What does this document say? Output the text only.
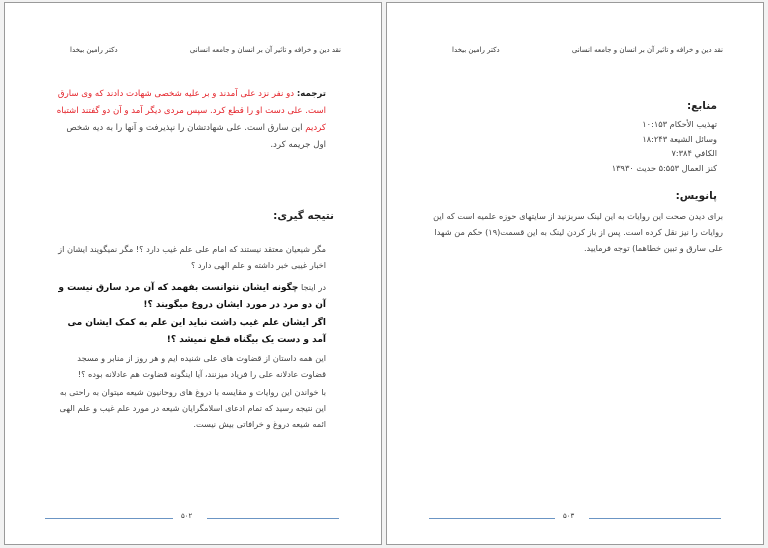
نقد دین و خرافه و تاثیر آن بر انسان و جامعه انسانی
دکتر رامین بیخدا
ترجمه: دو نفر نزد علی آمدند و بر علیه شخصی شهادت دادند که وی سارق است. علی دست او را قطع کرد. سپس مردی دیگر آمد و آن دو گفتند اشتباه کردیم این سارق است. علی شهادتشان را نپذیرفت و آنها را به دیه شخص اول جریمه کرد.
نتیجه گیری:
مگر شیعیان معتقد نیستند که امام علی علم غیب دارد ؟! مگر نمیگویند ایشان از اخبار غیبی خبر داشته و علم الهی دارد ؟
در اینجا چگونه ایشان نتوانست بفهمد که آن مرد سارق نیست و آن دو مرد در مورد ایشان دروغ میگویند ؟!
اگر ایشان علم غیب داشت نباید این علم به کمک ایشان می آمد و دست یک بیگناه قطع نمیشد ؟!
این همه داستان از قضاوت های علی شنیده ایم و هر روز از منابر و مسجد قضاوت عادلانه علی را فریاد میزنند، آیا اینگونه قضاوت هم عادلانه بوده ؟!
با خواندن این روایات و مقایسه با دروغ های روحانیون شیعه میتوان به راحتی به این نتیجه رسید که تمام ادعای اسلامگرایان شیعه در مورد علم غیب و علم الهی ائمه شیعه دروغ و خرافاتی بیش نیست.
۵۰۲
نقد دین و خرافه و تاثیر آن بر انسان و جامعه انسانی
دکتر رامین بیخدا
منابع:
تهذيب الأحكام ۱۰:۱۵۳
وسائل الشيعة ۱۸:۲۴۳
الكافي ۷:۳۸۴
كنز العمال ۵:۵۵۳ حدیث ۱۳۹۳۰
پانویس:
برای دیدن صحت این روایات به این لینک سربزنید از سایتهای حوزه علمیه است که این روایات را نیز نقل کرده است. پس از باز کردن لینک به این قسمت(۱۹) حکم من شهدا علی سارق و تبین خطاهما) توجه فرمایید.
۵۰۳
